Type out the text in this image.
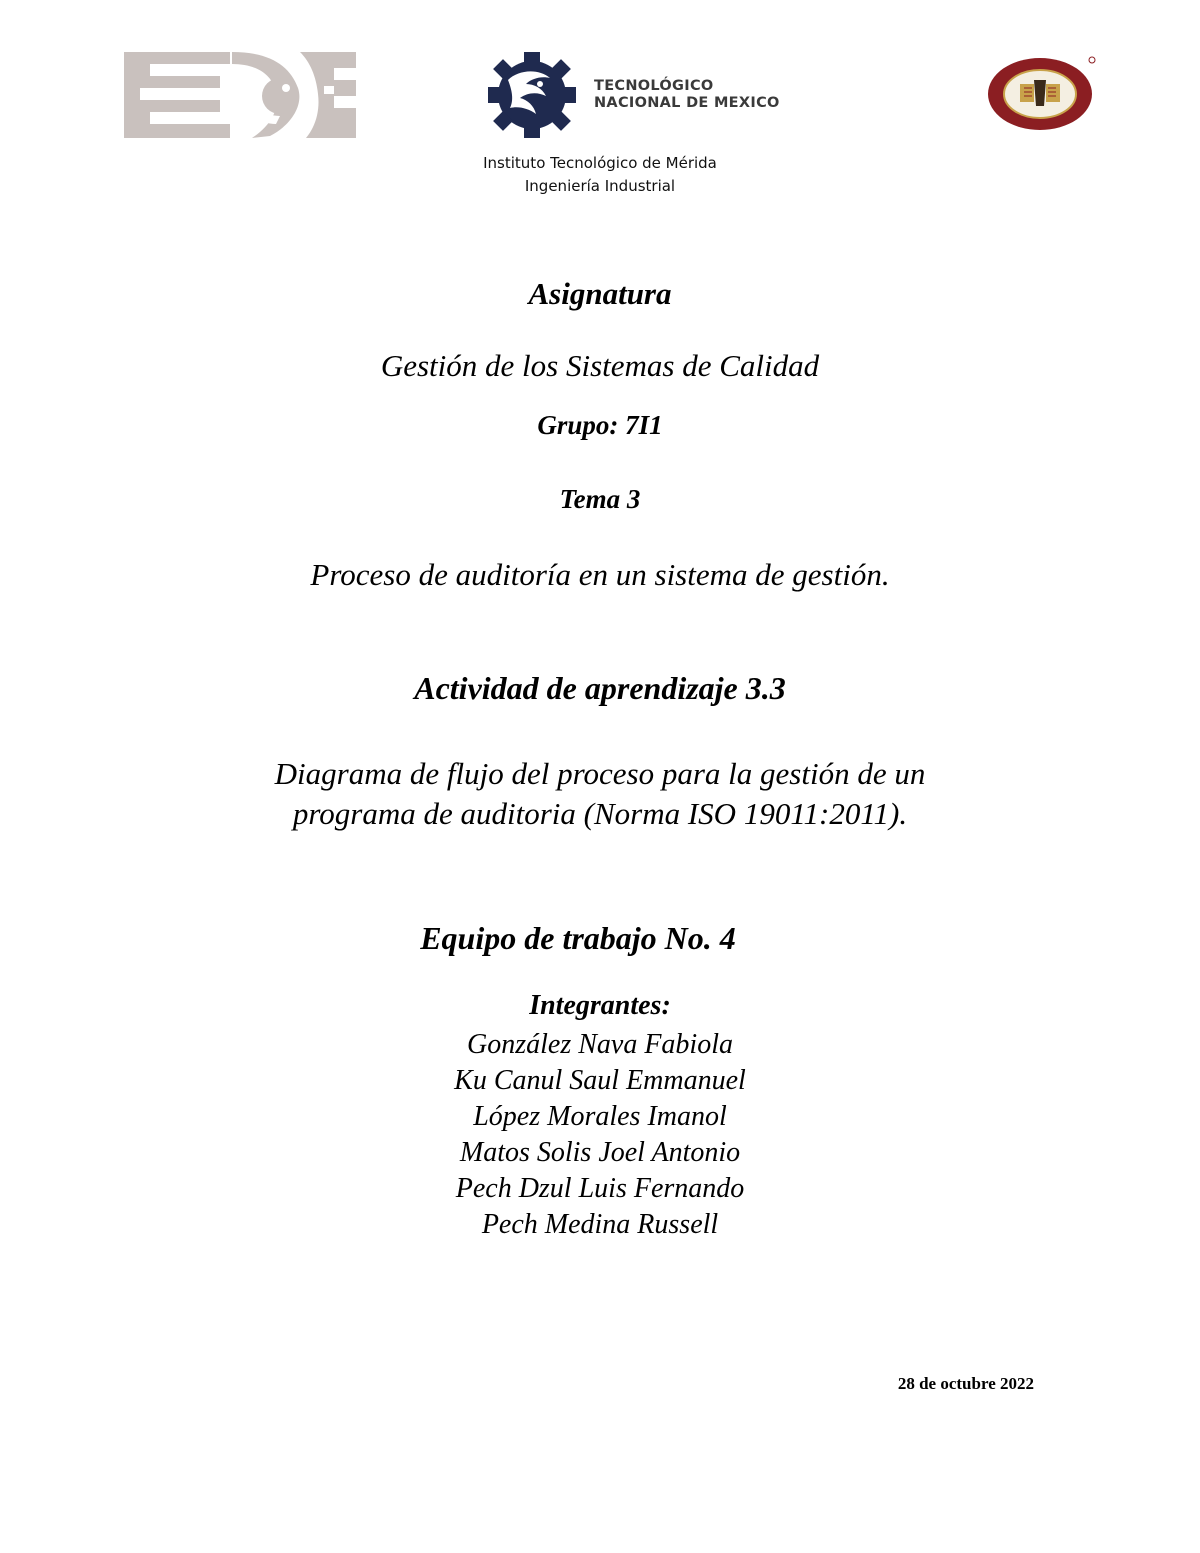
TECNOLÓGICO
NACIONAL DE MEXICO
Instituto Tecnológico de Mérida
Ingeniería Industrial
Asignatura
Gestión de los Sistemas de Calidad
Grupo: 7I1
Tema 3
Proceso de auditoría en un sistema de gestión.
Actividad de aprendizaje 3.3
Diagrama de flujo del proceso para la gestión de un
programa de auditoria (Norma ISO 19011:2011).
Equipo de trabajo No. 4
Integrantes:
González Nava Fabiola
Ku Canul Saul Emmanuel
López Morales Imanol
Matos Solis Joel Antonio
Pech Dzul Luis Fernando
Pech Medina Russell
28 de octubre 2022
